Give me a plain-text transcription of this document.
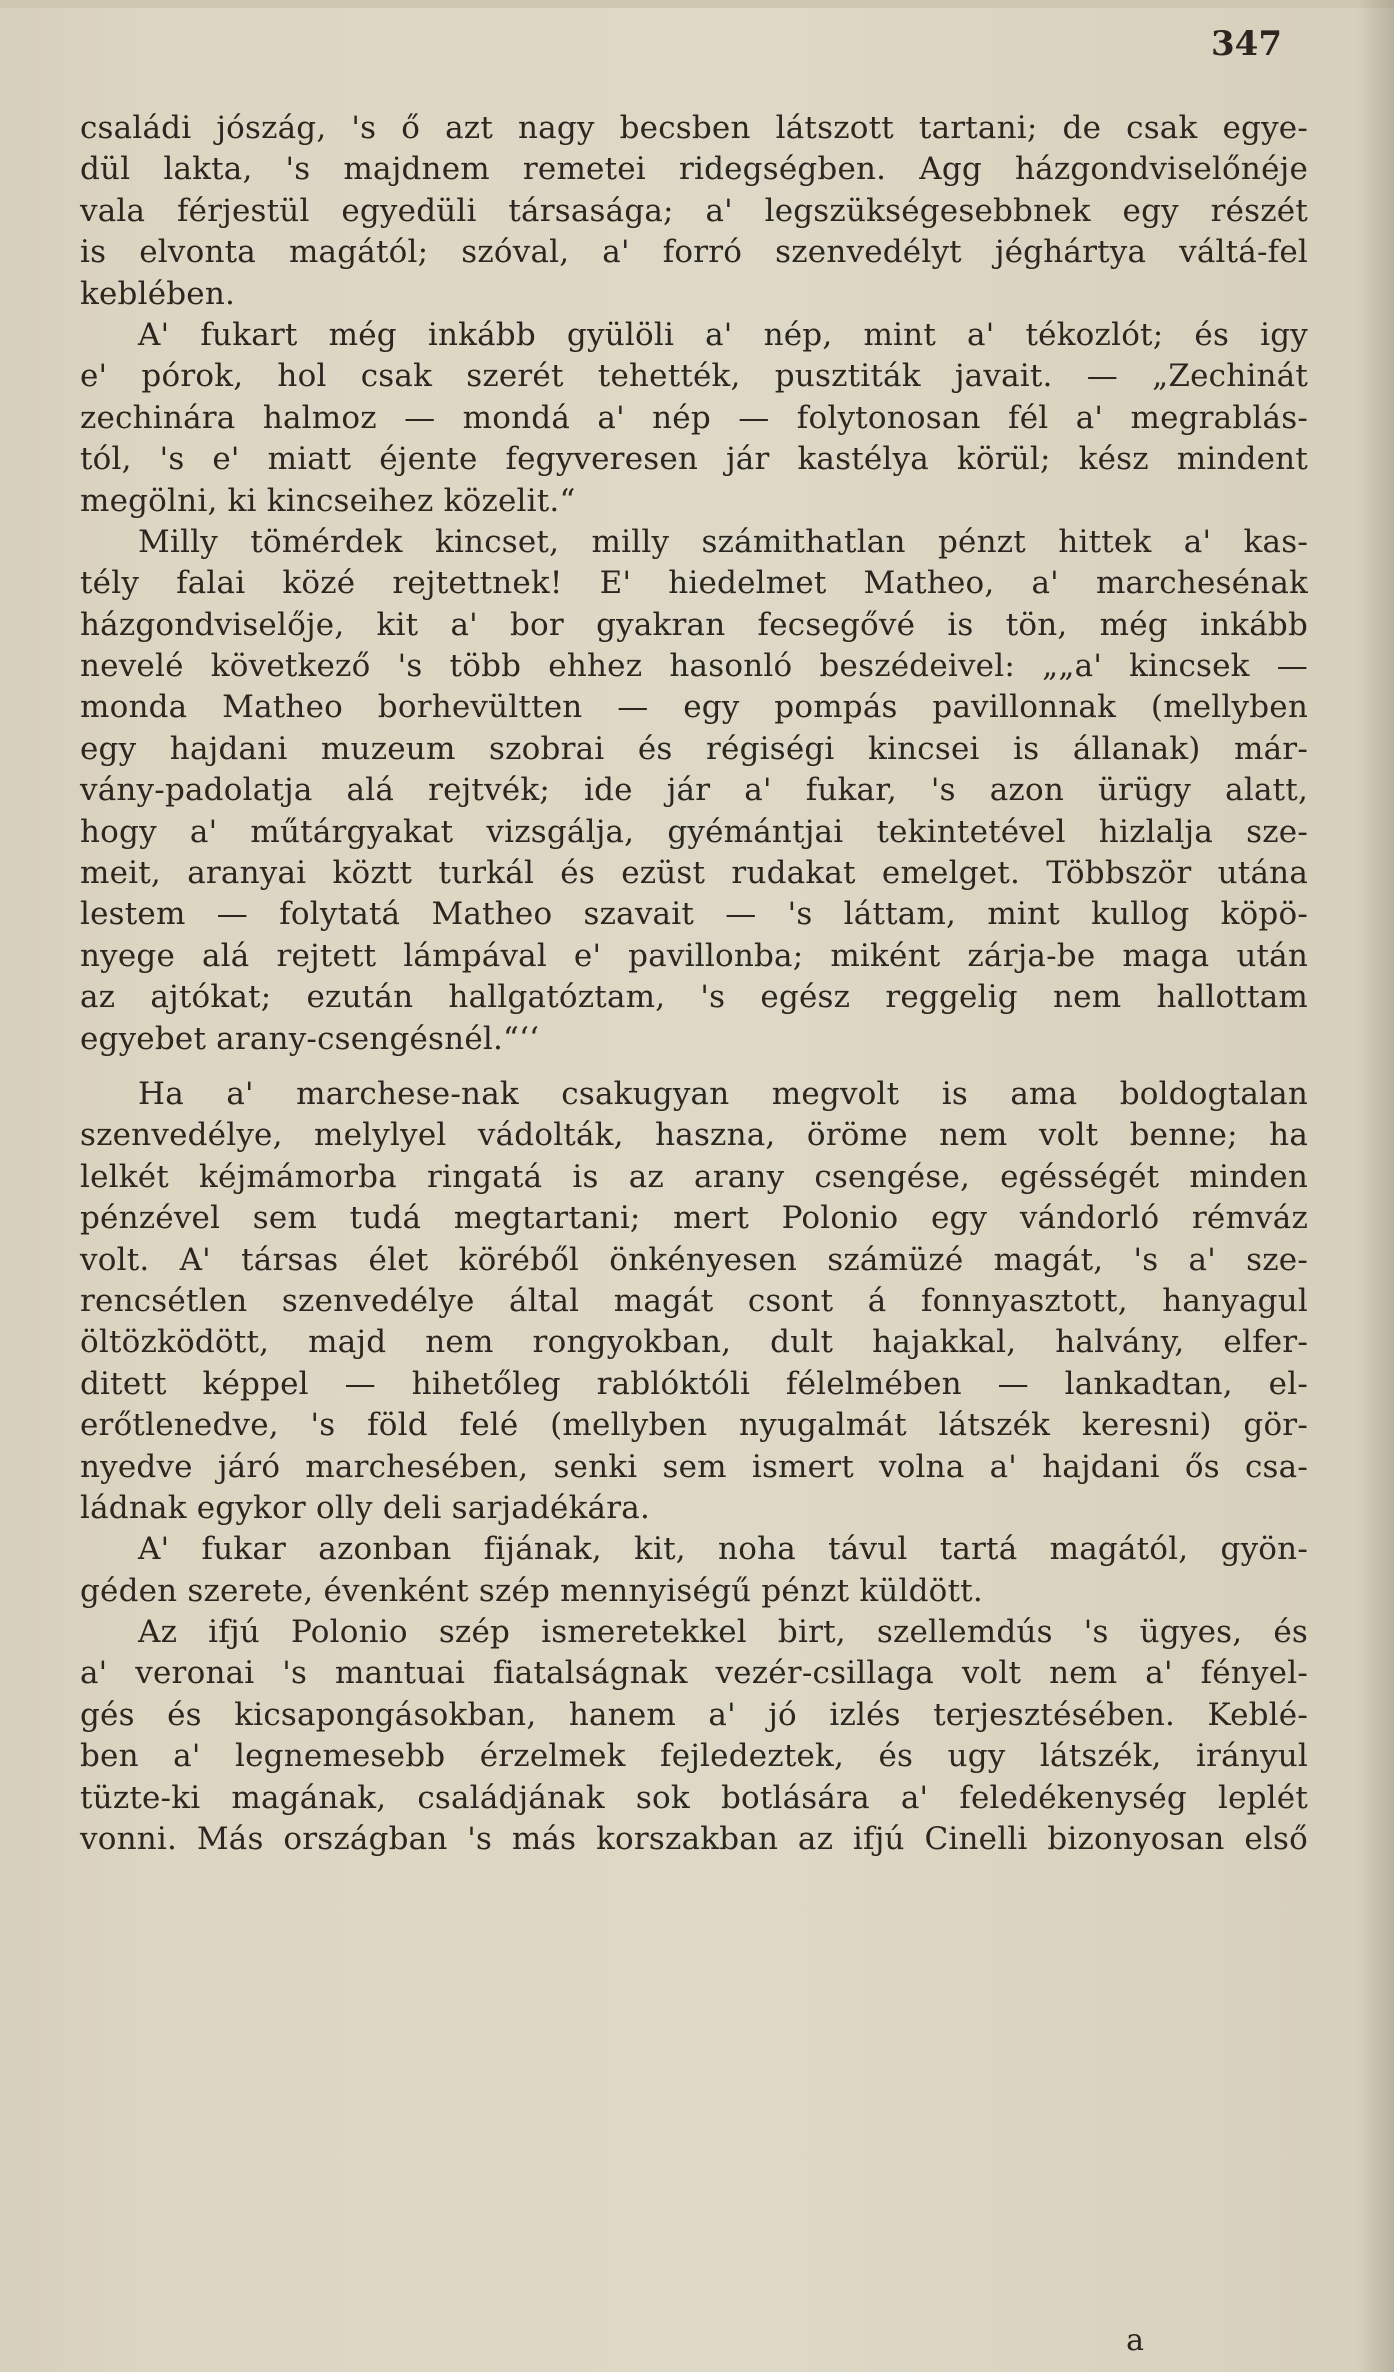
347
családi jószág, 's ő azt nagy becsben látszott tartani; de csak egye-
dül lakta, 's majdnem remetei ridegségben. Agg házgondviselőnéje
vala férjestül egyedüli társasága; a' legszükségesebbnek egy részét
is elvonta magától; szóval, a' forró szenvedélyt jéghártya váltá-fel
keblében.
A' fukart még inkább gyülöli a' nép, mint a' tékozlót; és igy
e' pórok, hol csak szerét tehették, pusztiták javait. — „Zechinát
zechinára halmoz — mondá a' nép — folytonosan fél a' megrablás-
tól, 's e' miatt éjente fegyveresen jár kastélya körül; kész mindent
megölni, ki kincseihez közelit.“
Milly tömérdek kincset, milly számithatlan pénzt hittek a' kas-
tély falai közé rejtettnek! E' hiedelmet Matheo, a' marchesénak
házgondviselője, kit a' bor gyakran fecsegővé is tön, még inkább
nevelé következő 's több ehhez hasonló beszédeivel: „„a' kincsek —
monda Matheo borhevültten — egy pompás pavillonnak (mellyben
egy hajdani muzeum szobrai és régiségi kincsei is állanak) már-
vány-padolatja alá rejtvék; ide jár a' fukar, 's azon ürügy alatt,
hogy a' műtárgyakat vizsgálja, gyémántjai tekintetével hizlalja sze-
meit, aranyai köztt turkál és ezüst rudakat emelget. Többször utána
lestem — folytatá Matheo szavait — 's láttam, mint kullog köpö-
nyege alá rejtett lámpával e' pavillonba; miként zárja-be maga után
az ajtókat; ezután hallgatóztam, 's egész reggelig nem hallottam
egyebet arany-csengésnél.“‘‘
Ha a' marchese-nak csakugyan megvolt is ama boldogtalan
szenvedélye, melylyel vádolták, haszna, öröme nem volt benne; ha
lelkét kéjmámorba ringatá is az arany csengése, egésségét minden
pénzével sem tudá megtartani; mert Polonio egy vándorló rémváz
volt. A' társas élet köréből önkényesen számüzé magát, 's a' sze-
rencsétlen szenvedélye által magát csont á fonnyasztott, hanyagul
öltözködött, majd nem rongyokban, dult hajakkal, halvány, elfer-
ditett képpel — hihetőleg rablóktóli félelmében — lankadtan, el-
erőtlenedve, 's föld felé (mellyben nyugalmát látszék keresni) gör-
nyedve járó marchesében, senki sem ismert volna a' hajdani ős csa-
ládnak egykor olly deli sarjadékára.
A' fukar azonban fijának, kit, noha távul tartá magától, gyön-
géden szerete, évenként szép mennyiségű pénzt küldött.
Az ifjú Polonio szép ismeretekkel birt, szellemdús 's ügyes, és
a' veronai 's mantuai fiatalságnak vezér-csillaga volt nem a' fényel-
gés és kicsapongásokban, hanem a' jó izlés terjesztésében. Keblé-
ben a' legnemesebb érzelmek fejledeztek, és ugy látszék, irányul
tüzte-ki magának, családjának sok botlására a' feledékenység leplét
vonni. Más országban 's más korszakban az ifjú Cinelli bizonyosan első
a
